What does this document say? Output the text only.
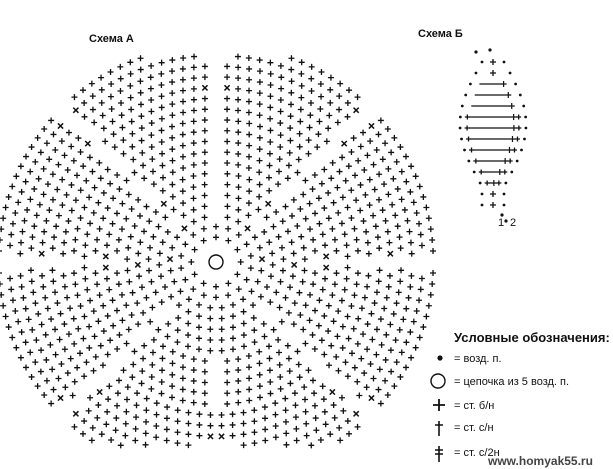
Схема А	Схема Б
1 2
Условные обозначения:
= возд. п.
= цепочка из 5 возд. п.
= ст. б/н
= ст. с/н
= ст. с/2н
www.homyak55.ru
